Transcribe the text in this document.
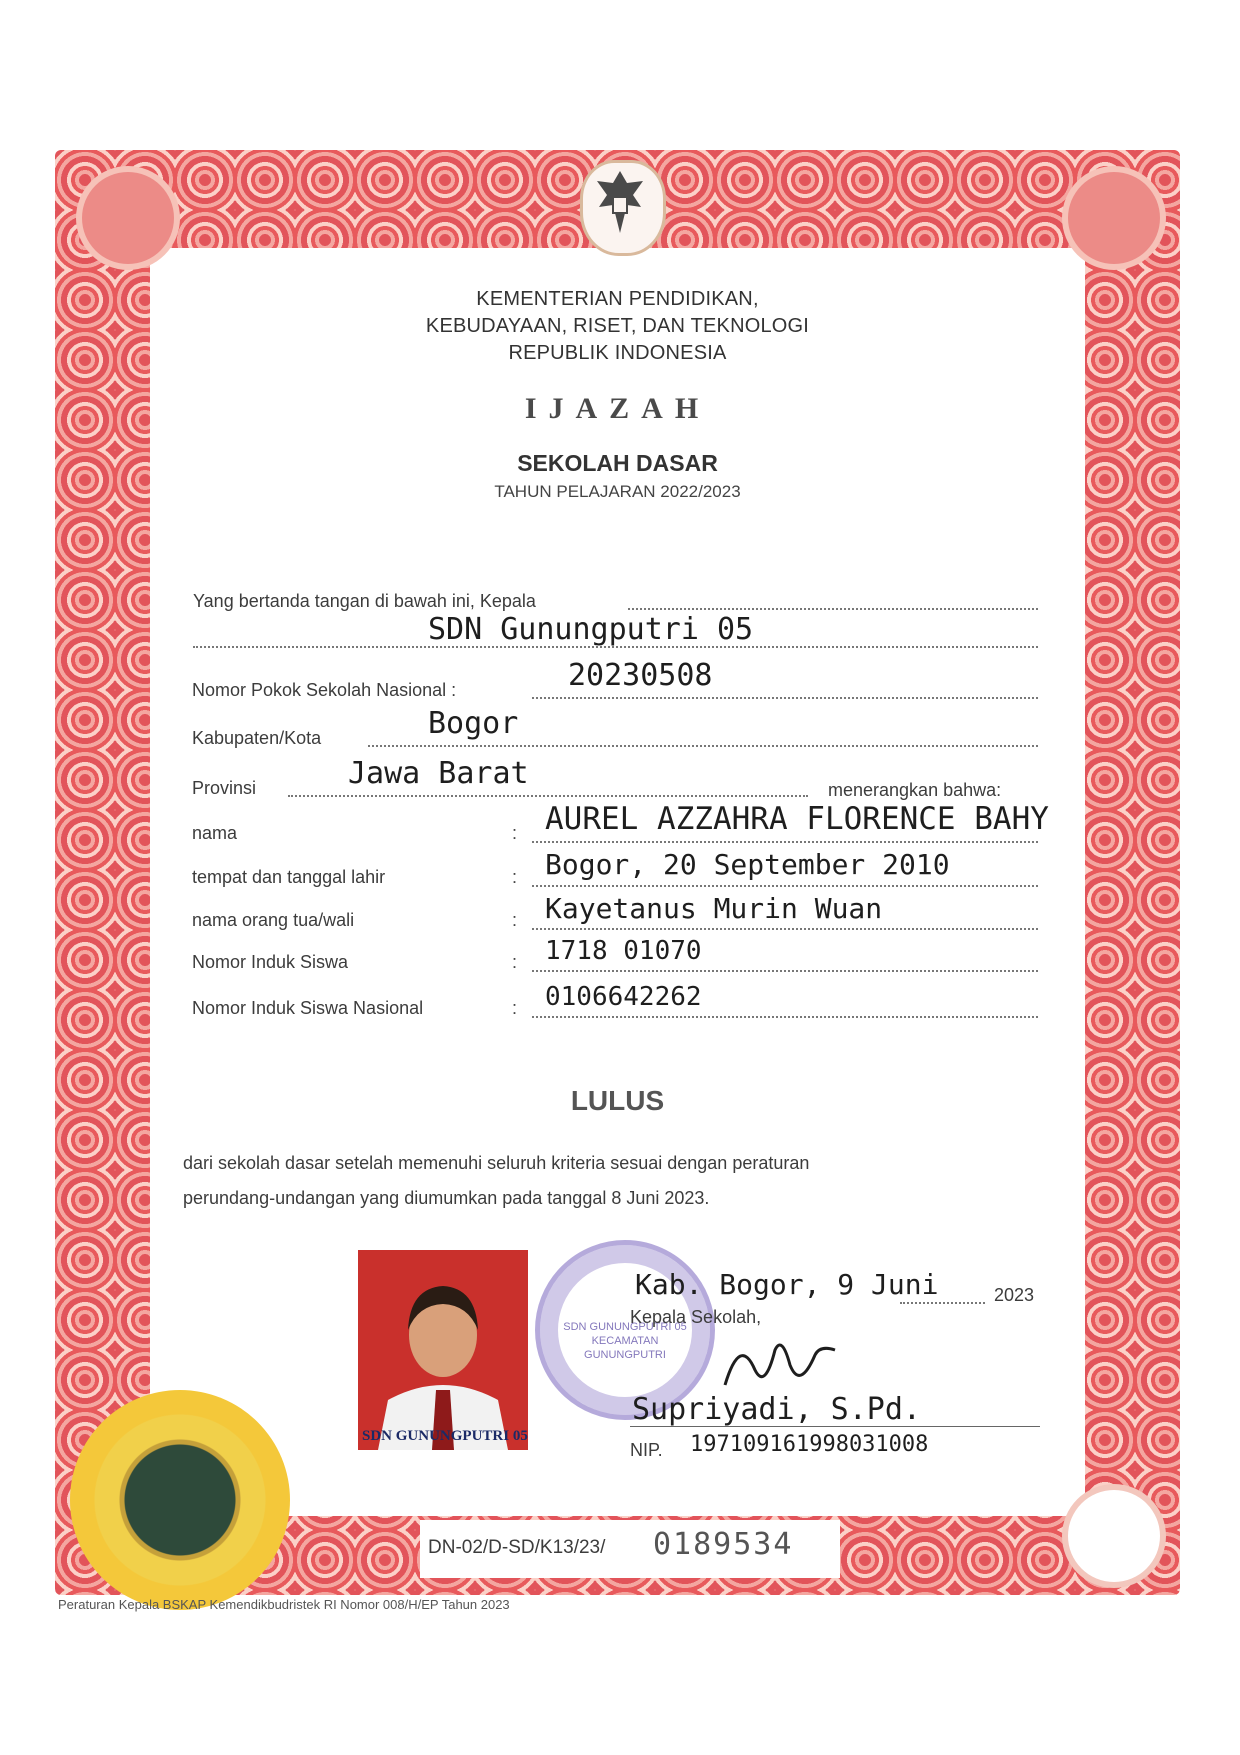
KEMENTERIAN PENDIDIKAN,
KEBUDAYAAN, RISET, DAN TEKNOLOGI
REPUBLIK INDONESIA
IJAZAH
SEKOLAH DASAR
TAHUN PELAJARAN 2022/2023
Yang bertanda tangan di bawah ini, Kepala
SDN Gunungputri 05
Nomor Pokok Sekolah Nasional :	20230508
Kabupaten/Kota	Bogor
Provinsi	Jawa Barat	menerangkan bahwa:
nama	: AUREL AZZAHRA FLORENCE BAHY
tempat dan tanggal lahir	: Bogor, 20 September 2010
nama orang tua/wali	: Kayetanus Murin Wuan
Nomor Induk Siswa	: 1718 01070
Nomor Induk Siswa Nasional	: 0106642262
LULUS
dari sekolah dasar setelah memenuhi seluruh kriteria sesuai dengan peraturan
perundang-undangan yang diumumkan pada tanggal 8 Juni 2023.
SDN GUNUNGPUTRI 05
SDN GUNUNGPUTRI 05
KECAMATAN GUNUNGPUTRI
Kab. Bogor, 9 Juni	2023
Kepala Sekolah,
Supriyadi, S.Pd.
NIP. 197109161998031008
DN-02/D-SD/K13/23/ 0189534
Peraturan Kepala BSKAP Kemendikbudristek RI Nomor 008/H/EP Tahun 2023
